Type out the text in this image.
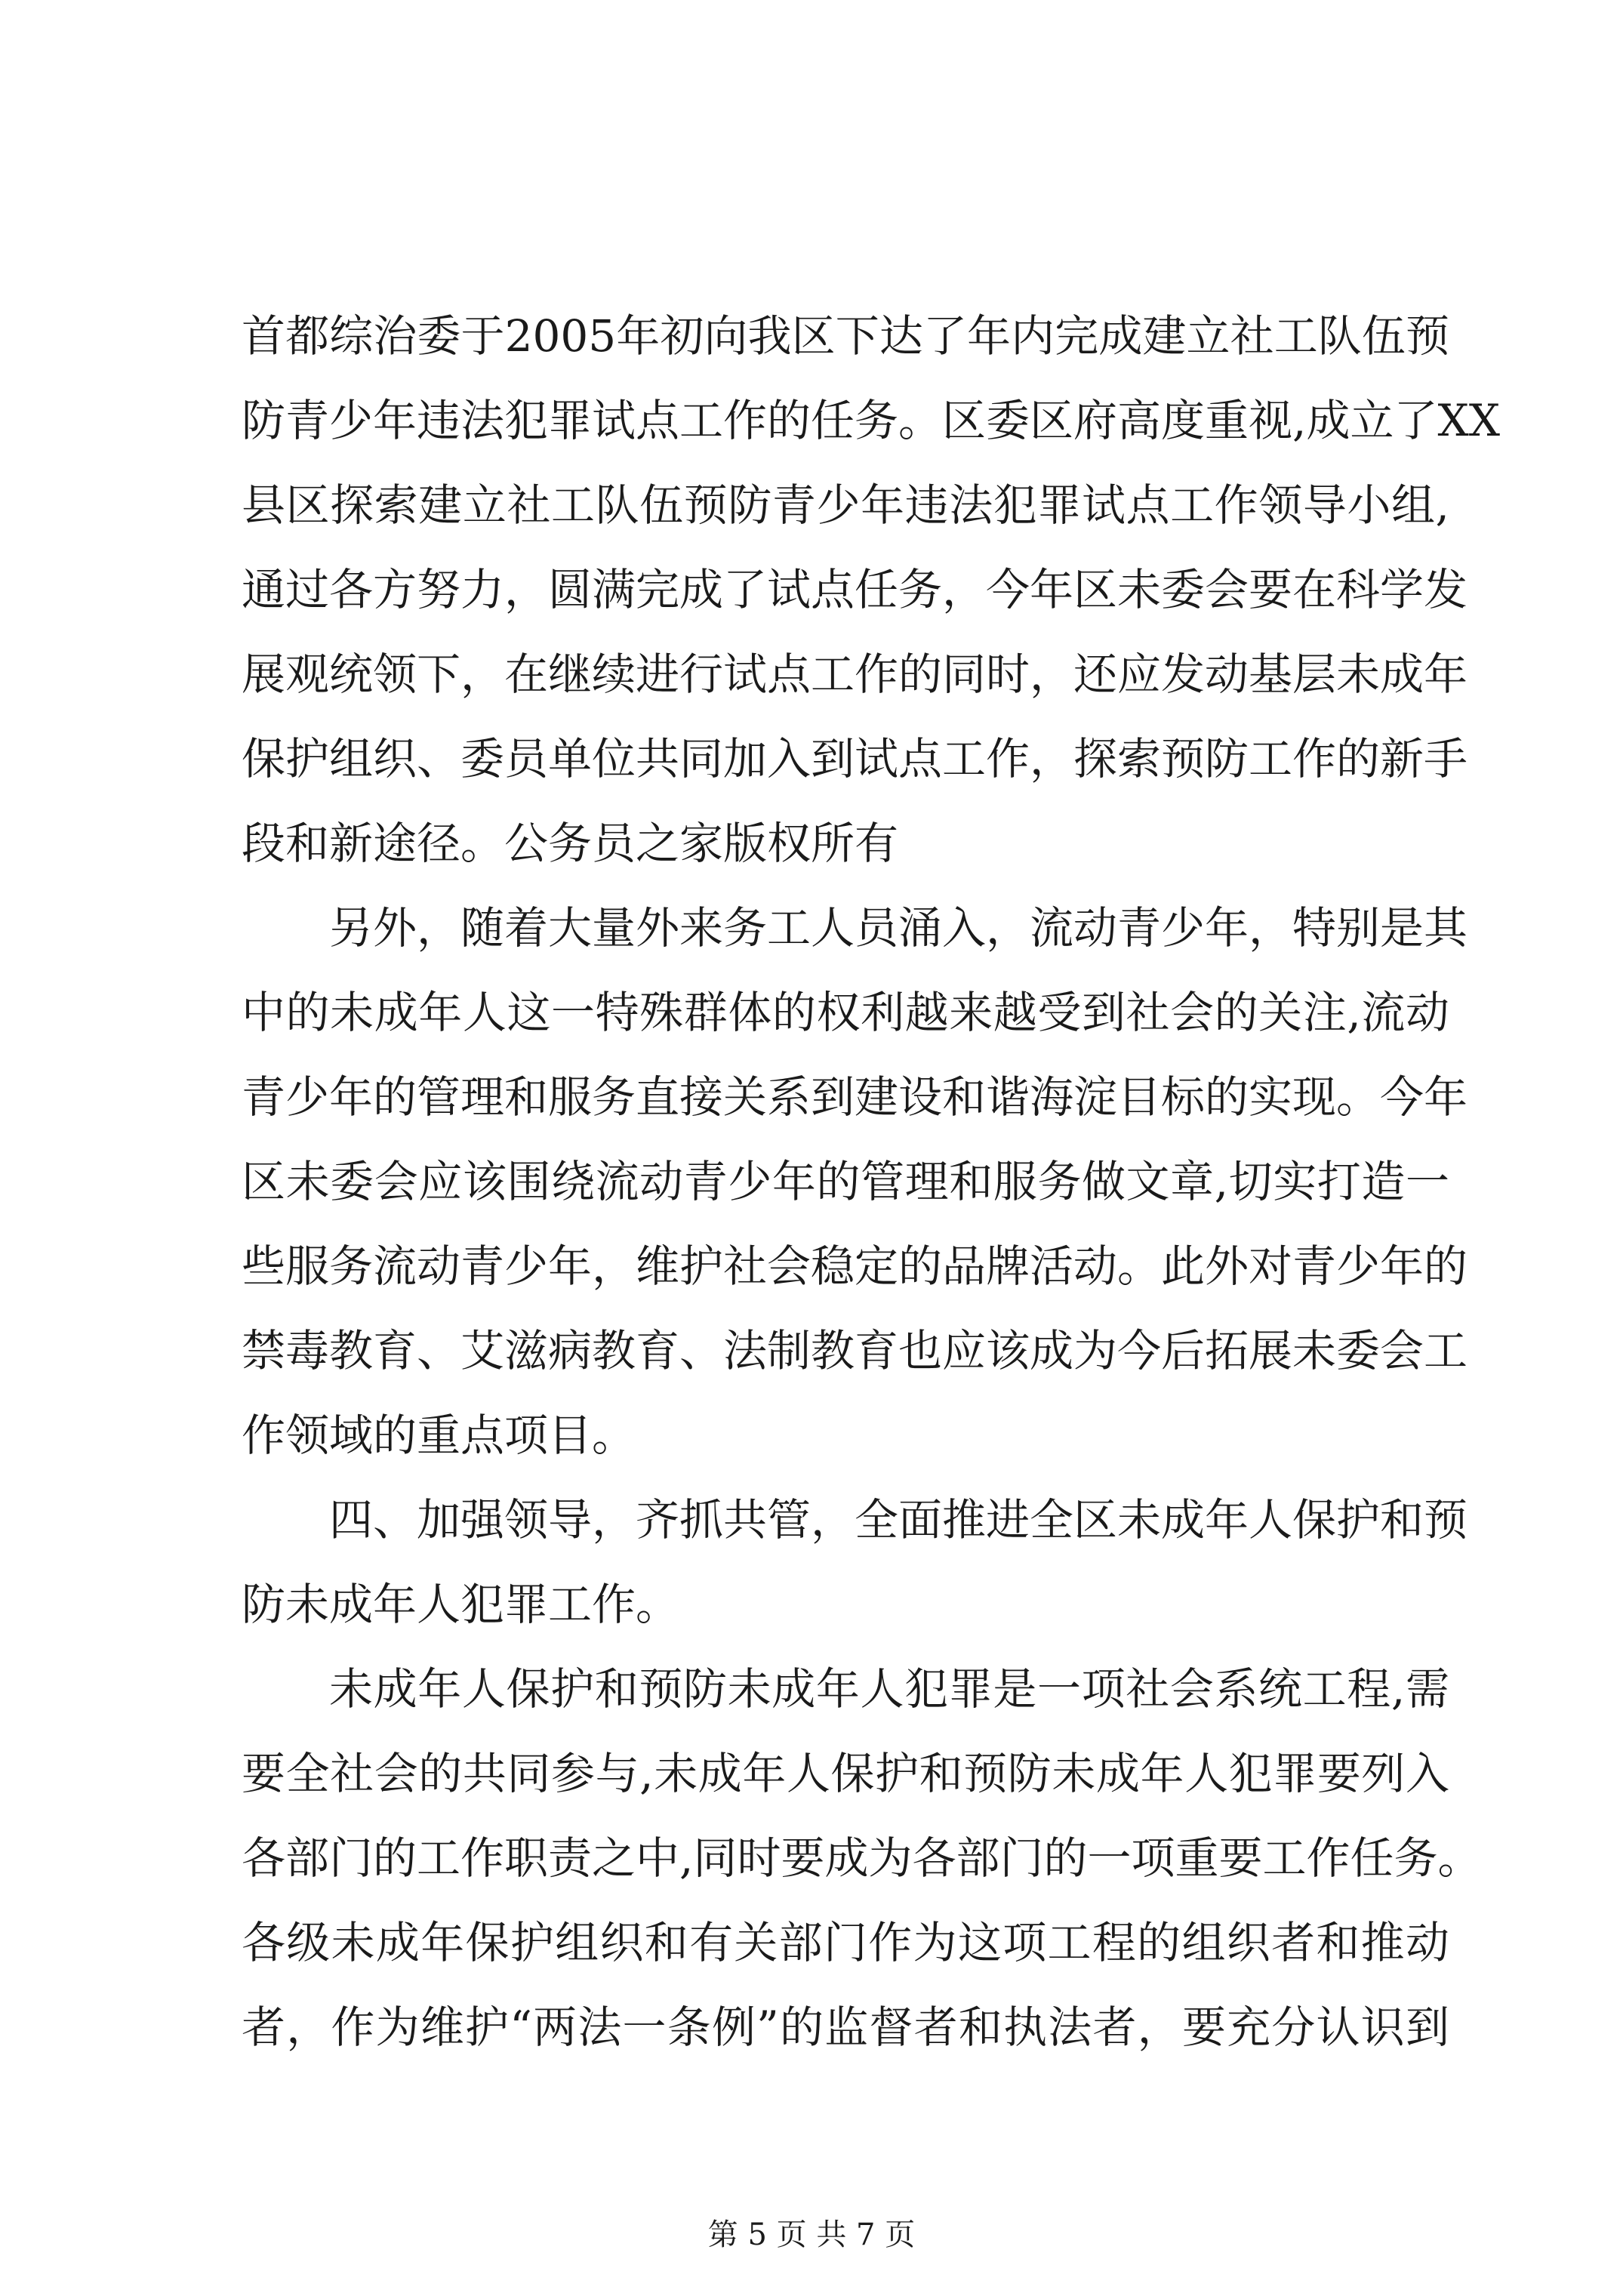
首都综治委于2005年初向我区下达了年内完成建立社工队伍预
防青少年违法犯罪试点工作的任务。区委区府高度重视,成立了XX
县区探索建立社工队伍预防青少年违法犯罪试点工作领导小组,
通过各方努力，圆满完成了试点任务，今年区未委会要在科学发
展观统领下，在继续进行试点工作的同时，还应发动基层未成年
保护组织、委员单位共同加入到试点工作，探索预防工作的新手
段和新途径。公务员之家版权所有
另外，随着大量外来务工人员涌入，流动青少年，特别是其
中的未成年人这一特殊群体的权利越来越受到社会的关注,流动
青少年的管理和服务直接关系到建设和谐海淀目标的实现。今年
区未委会应该围绕流动青少年的管理和服务做文章,切实打造一
些服务流动青少年，维护社会稳定的品牌活动。此外对青少年的
禁毒教育、艾滋病教育、法制教育也应该成为今后拓展未委会工
作领域的重点项目。
四、加强领导，齐抓共管，全面推进全区未成年人保护和预
防未成年人犯罪工作。
未成年人保护和预防未成年人犯罪是一项社会系统工程,需
要全社会的共同参与,未成年人保护和预防未成年人犯罪要列入
各部门的工作职责之中,同时要成为各部门的一项重要工作任务。
各级未成年保护组织和有关部门作为这项工程的组织者和推动
者，作为维护“两法一条例”的监督者和执法者，要充分认识到
第 5 页 共 7 页
